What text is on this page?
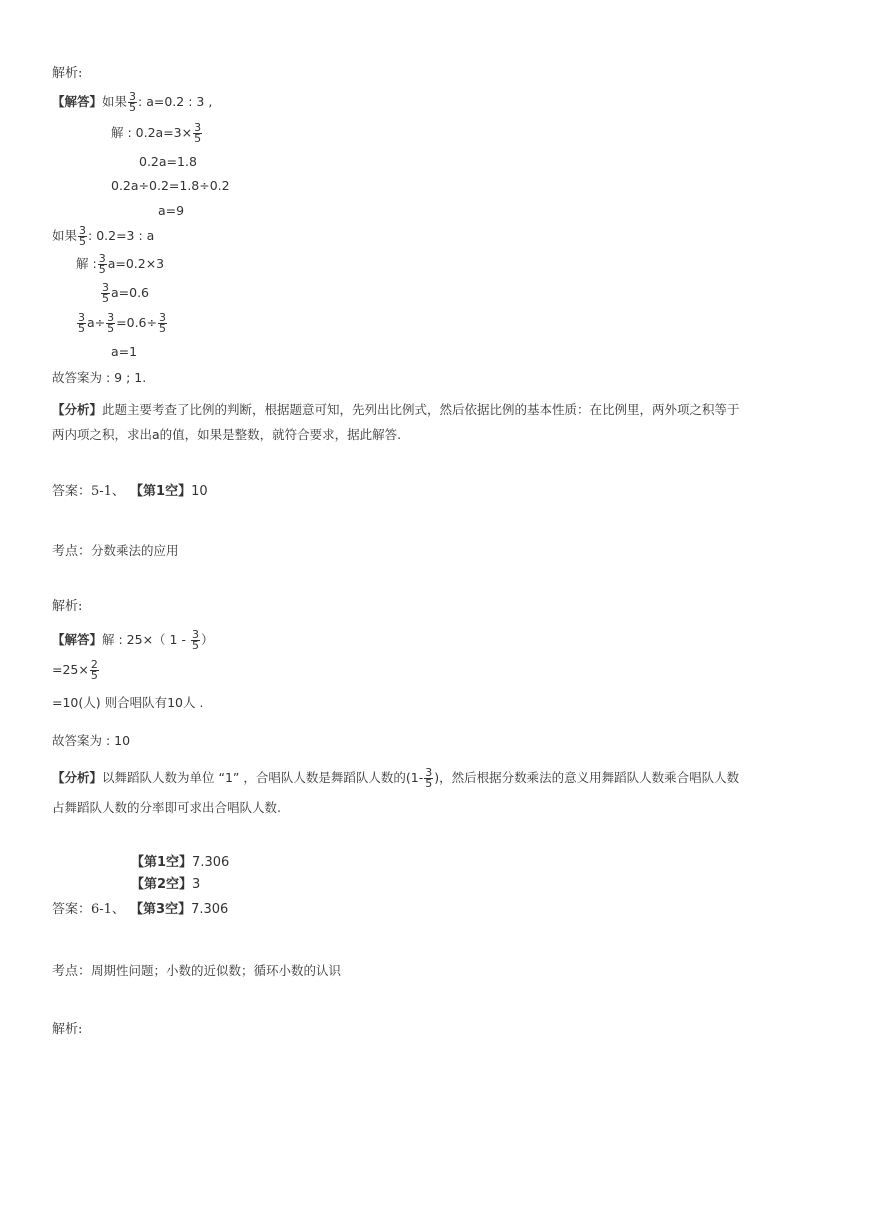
解析:
【解答】如果 $\frac{3}{5}$ : a=0.2 : 3 ,
解 : $0.2a=3\times \frac{3}{5}$
0.2a=1.8
0.2a÷0.2=1.8÷0.2
a=9
如果 $\frac{3}{5}$ : 0.2=3 : a
解 : $\frac{3}{5} a=0.2\times 3$
$\frac{3}{5} a=0.6$
$\frac{3}{5} a\div \frac{3}{5} =0.6\div \frac{3}{5}$
a=1
故答案为 : 9 ; 1.
【分析】此题主要考查了比例的判断，根据题意可知，先列出比例式，然后依据比例的基本性质：在比例里，两外项之积等于
两内项之积，求出a的值，如果是整数，就符合要求，据此解答.
答案：5-1、 【第1空】10
考点：分数乘法的应用
解析:
【解答】解 : 25×（ $1 - \frac{3}{5}$ ）
$=25\times \frac{2}{5}$
=10(人) 则合唱队有10人 .
故答案为 : 10
【分析】以舞蹈队人数为单位 “1” ，合唱队人数是舞蹈队人数的($1- \frac{3}{5}$ )，然后根据分数乘法的意义用舞蹈队人数乘合唱队人数
占舞蹈队人数的分率即可求出合唱队人数.
【第1空】7.306
【第2空】3
答案：6-1、 【第3空】7.306
考点：周期性问题；小数的近似数；循环小数的认识
解析:
